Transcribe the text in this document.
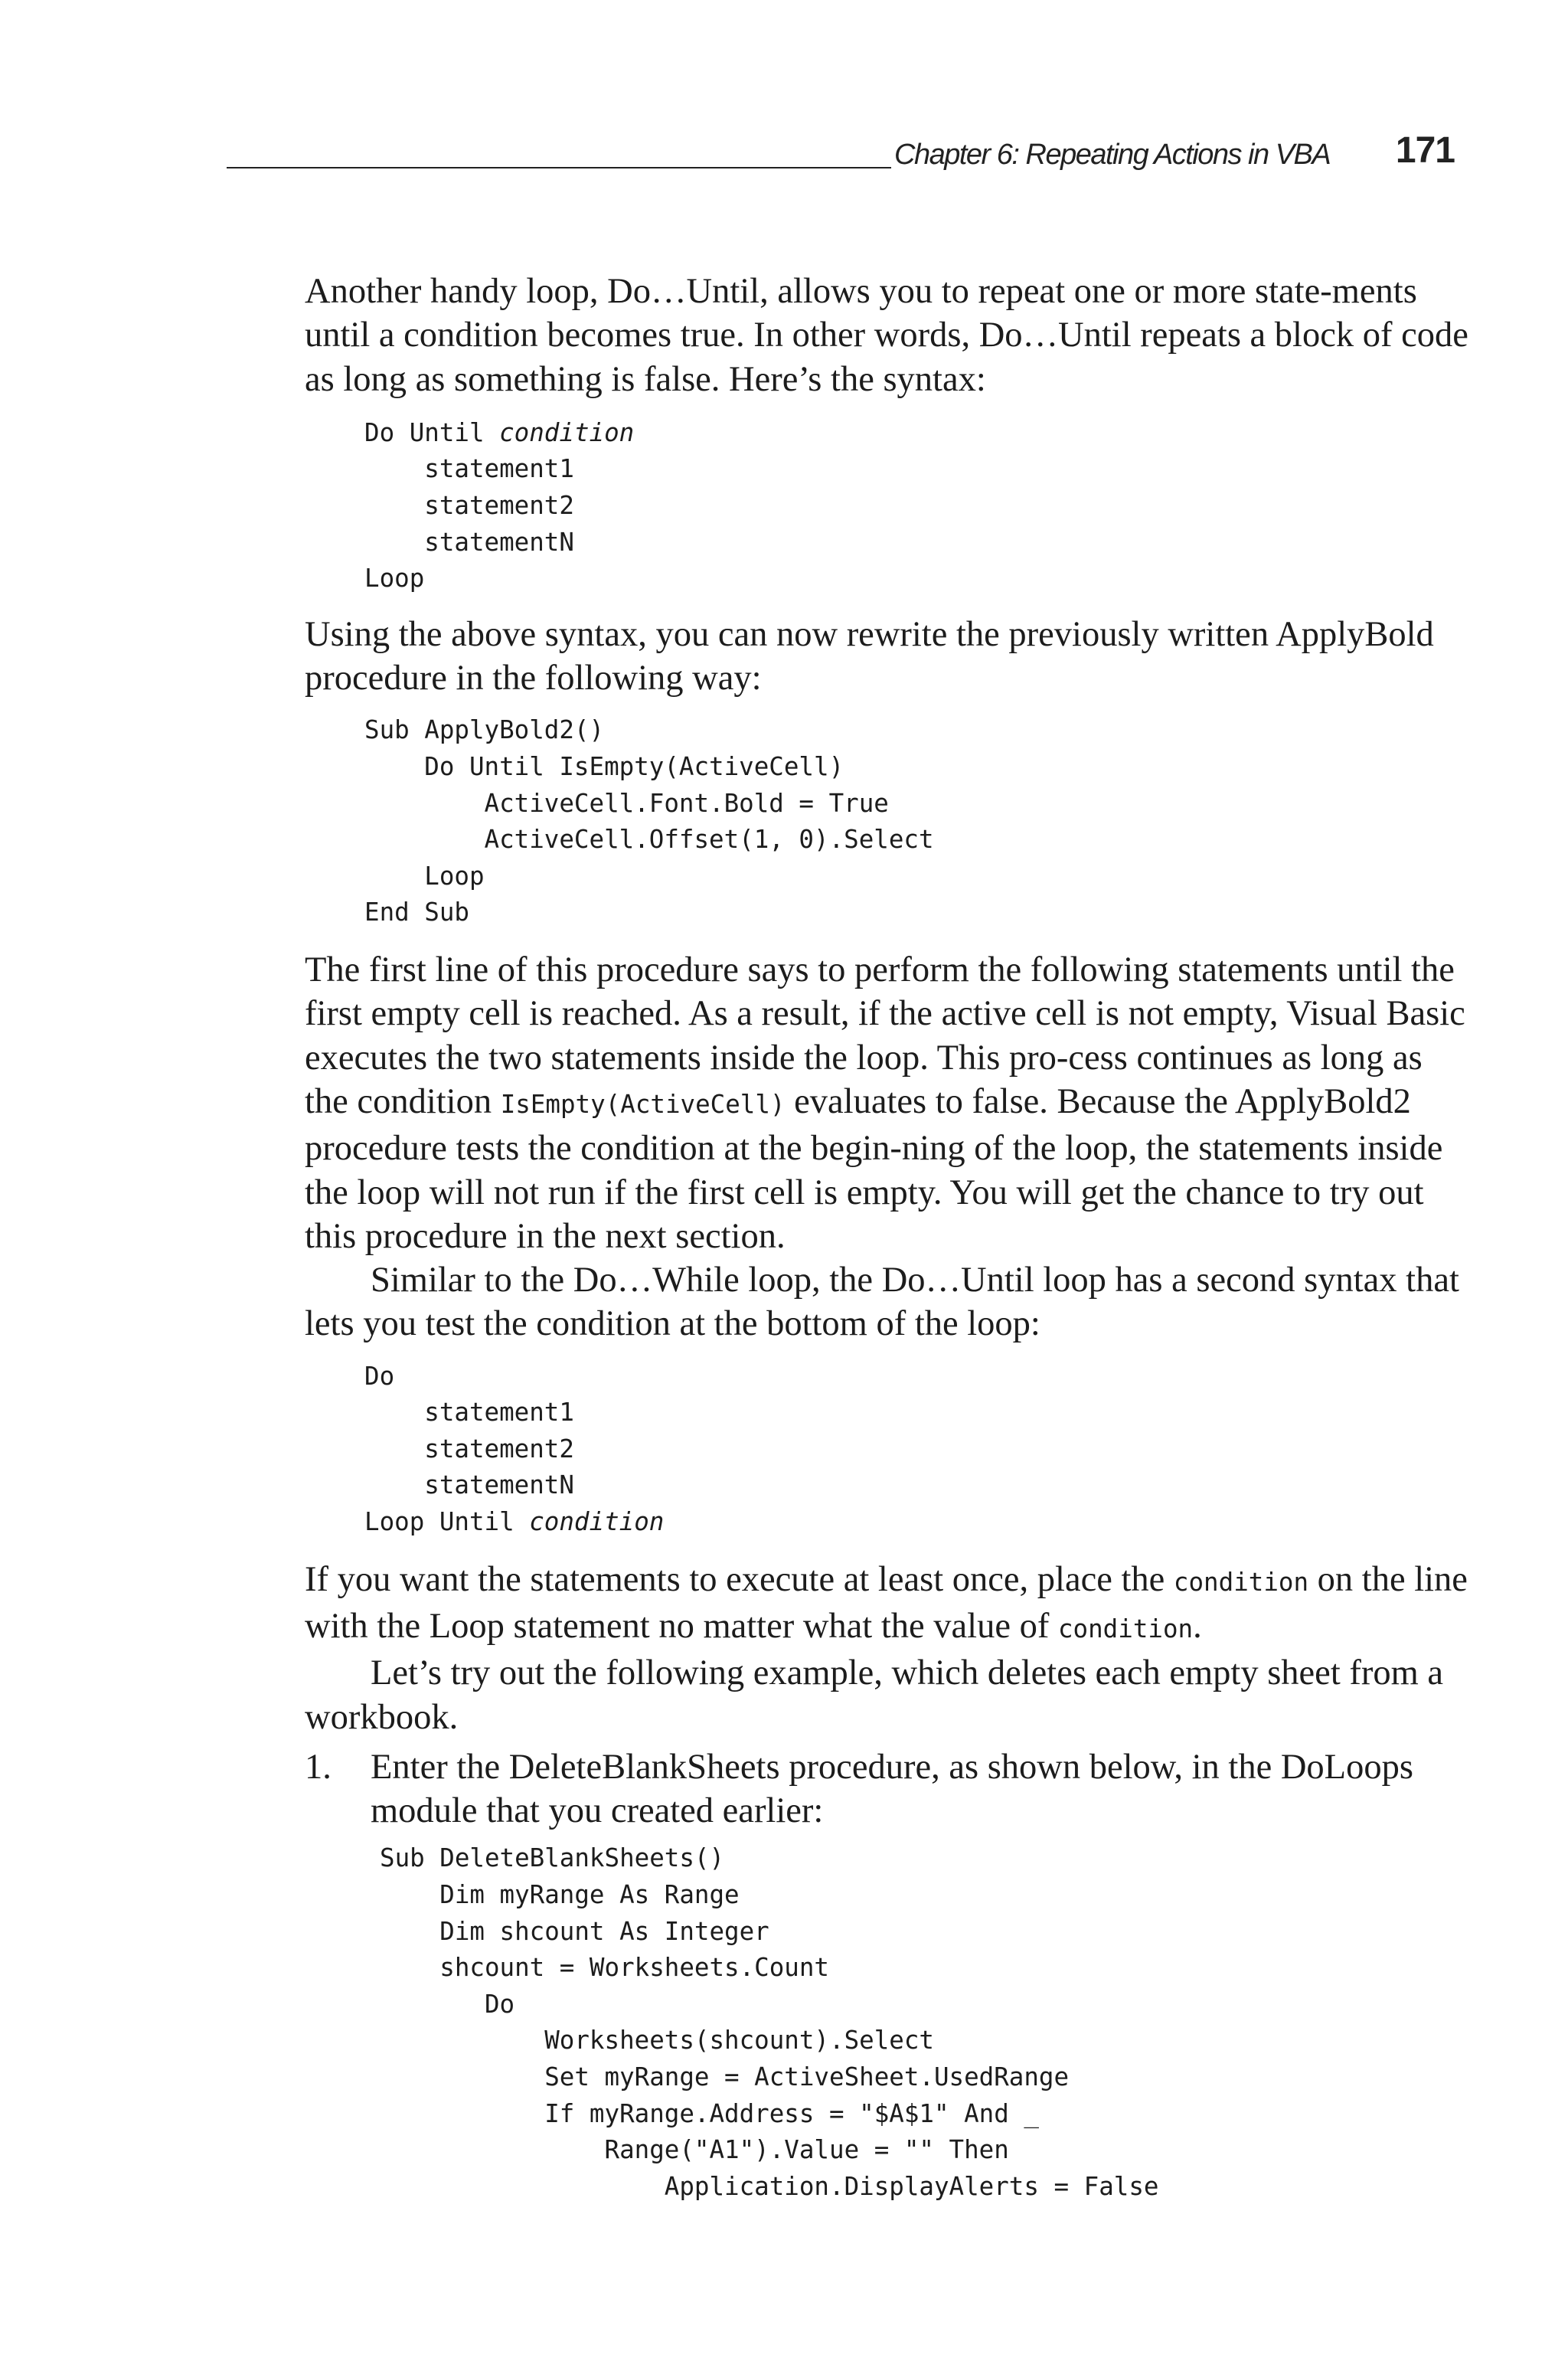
Chapter 6: Repeating Actions in VBA 171

Another handy loop, Do…Until, allows you to repeat one or more state-ments until a condition becomes true. In other words, Do…Until repeats a block of code as long as something is false. Here’s the syntax:

Do Until condition
statement1
statement2
statementN
Loop

Using the above syntax, you can now rewrite the previously written ApplyBold procedure in the following way:

Sub ApplyBold2()
Do Until IsEmpty(ActiveCell)
ActiveCell.Font.Bold = True
ActiveCell.Offset(1, 0).Select
Loop
End Sub

The first line of this procedure says to perform the following statements until the first empty cell is reached. As a result, if the active cell is not empty, Visual Basic executes the two statements inside the loop. This pro-cess continues as long as the condition IsEmpty(ActiveCell) evaluates to false. Because the ApplyBold2 procedure tests the condition at the begin-ning of the loop, the statements inside the loop will not run if the first cell is empty. You will get the chance to try out this procedure in the next section.

Similar to the Do…While loop, the Do…Until loop has a second syntax that lets you test the condition at the bottom of the loop:

Do
statement1
statement2
statementN
Loop Until condition

If you want the statements to execute at least once, place the condition on the line with the Loop statement no matter what the value of condition.

Let’s try out the following example, which deletes each empty sheet from a workbook.

1.	Enter the DeleteBlankSheets procedure, as shown below, in the DoLoops module that you created earlier:
Sub DeleteBlankSheets()
Dim myRange As Range
Dim shcount As Integer
shcount = Worksheets.Count
Do
Worksheets(shcount).Select
Set myRange = ActiveSheet.UsedRange
If myRange.Address = "$A$1" And _
Range("A1").Value = "" Then
Application.DisplayAlerts = False
